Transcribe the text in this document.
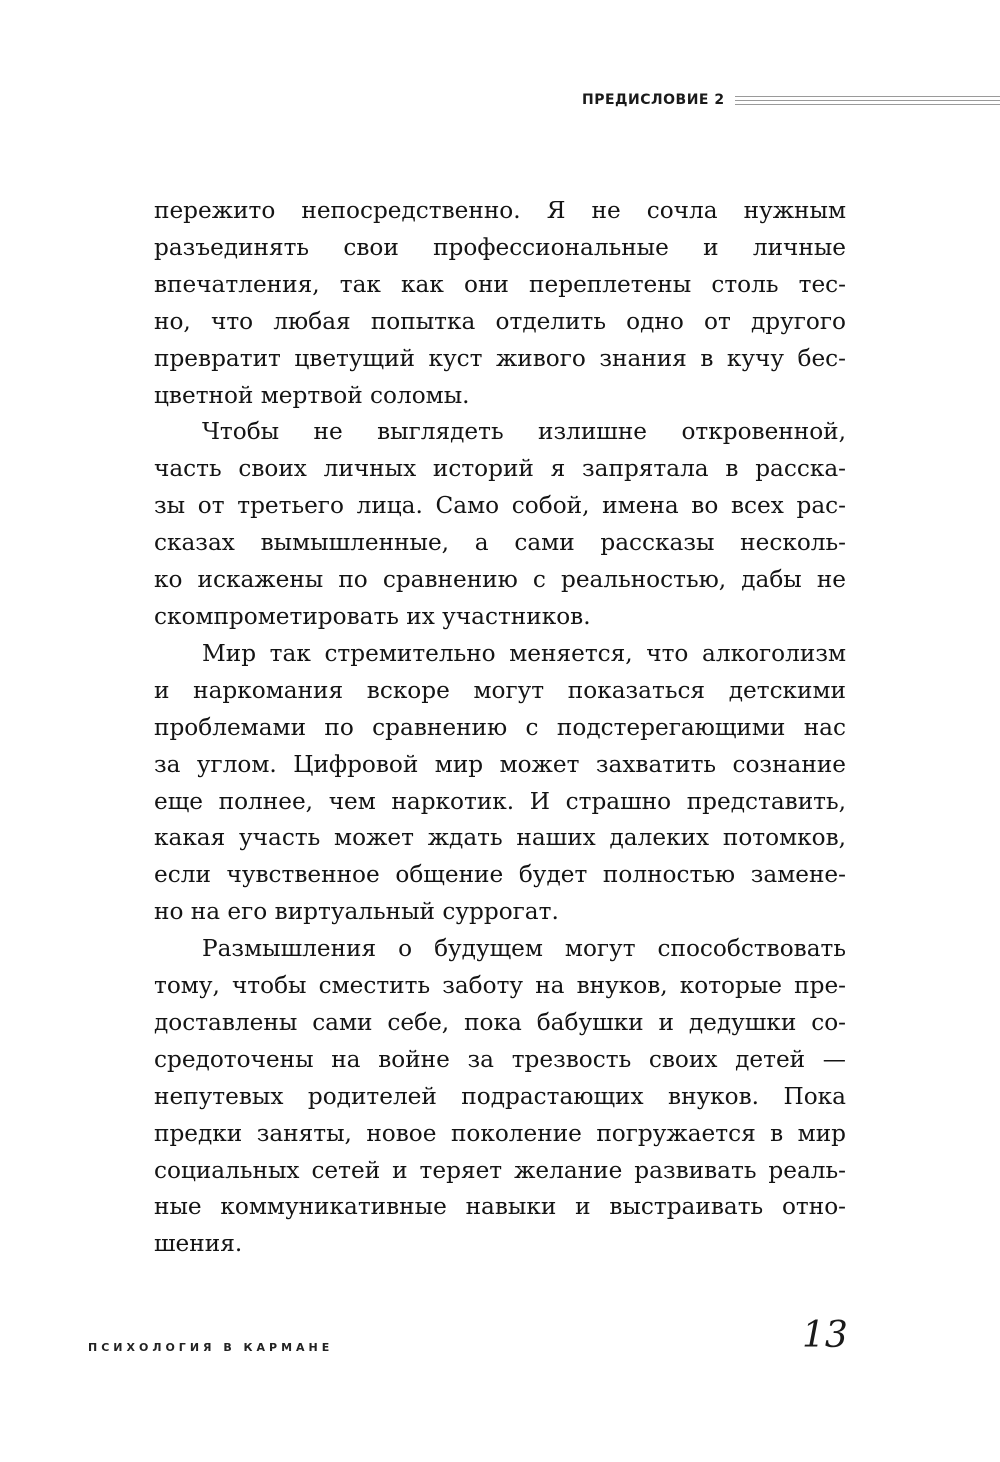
ПРЕДИСЛОВИЕ 2
пережито непосредственно. Я не сочла нужным
разъединять свои профессиональные и личные
впечатления, так как они переплетены столь тес-
но, что любая попытка отделить одно от другого
превратит цветущий куст живого знания в кучу бес-
цветной мертвой соломы.
Чтобы не выглядеть излишне откровенной,
часть своих личных историй я запрятала в расска-
зы от третьего лица. Само собой, имена во всех рас-
сказах вымышленные, а сами рассказы несколь-
ко искажены по сравнению с реальностью, дабы не
скомпрометировать их участников.
Мир так стремительно меняется, что алкоголизм
и наркомания вскоре могут показаться детскими
проблемами по сравнению с подстерегающими нас
за углом. Цифровой мир может захватить сознание
еще полнее, чем наркотик. И страшно представить,
какая участь может ждать наших далеких потомков,
если чувственное общение будет полностью замене-
но на его виртуальный суррогат.
Размышления о будущем могут способствовать
тому, чтобы сместить заботу на внуков, которые пре-
доставлены сами себе, пока бабушки и дедушки со-
средоточены на войне за трезвость своих детей —
непутевых родителей подрастающих внуков. Пока
предки заняты, новое поколение погружается в мир
социальных сетей и теряет желание развивать реаль-
ные коммуникативные навыки и выстраивать отно-
шения.
ПСИХОЛОГИЯ В КАРМАНЕ	13
